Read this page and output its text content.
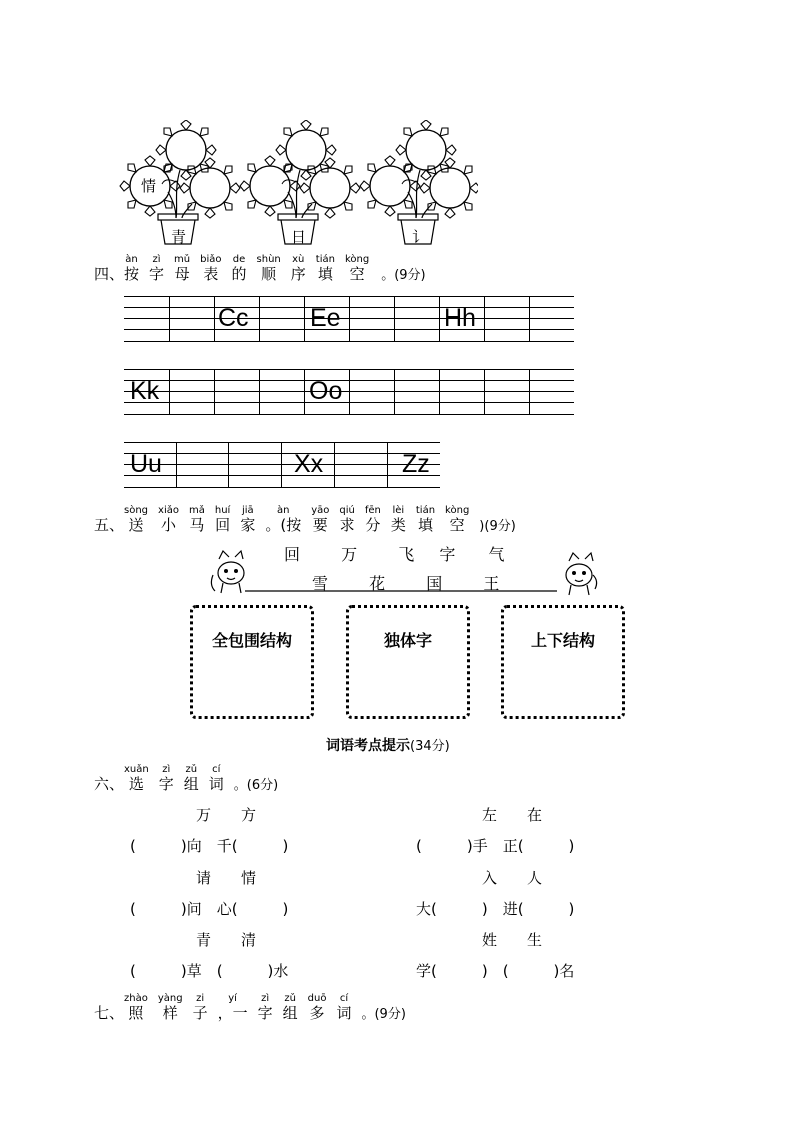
情
青	日	讠
四、
àn
按
zì
字
mǔ
母
biǎo
表
de
的
shùn
顺
xù
序
tián
填
kòng
空 。(9分)
Cc Ee	Hh
Kk	Oo
Uu	Xx	Zz
五、
sòng
送
xiǎo
小
mǎ
马
huí
回
jiā
家
àn
。(按
yāo
要
qiú
求
fēn
分
lèi
类
tián
填
kòng
空 )(9分)
回	万	飞 字 气
雪	花	国	王
全包围结构	独体字	上下结构
词语考点提示(34分)
六、
xuǎn
选
zì
字
zǔ
组
cí
词 。(6分)
万　　方
(　　　)向　千(　　　)
请　　情
(　　　)问　心(　　　)
青　　清
(　　　)草　(　　　)水
左　　在
(　　　)手　正(　　　)
入　　人
大(　　　)　进(　　　)
姓　　生
学(　　　)　(　　　)名
七、
zhào
照
yàng
样
zi
子
yí
，一
zì
字
zǔ
组
duō
多
cí
词 。(9分)
